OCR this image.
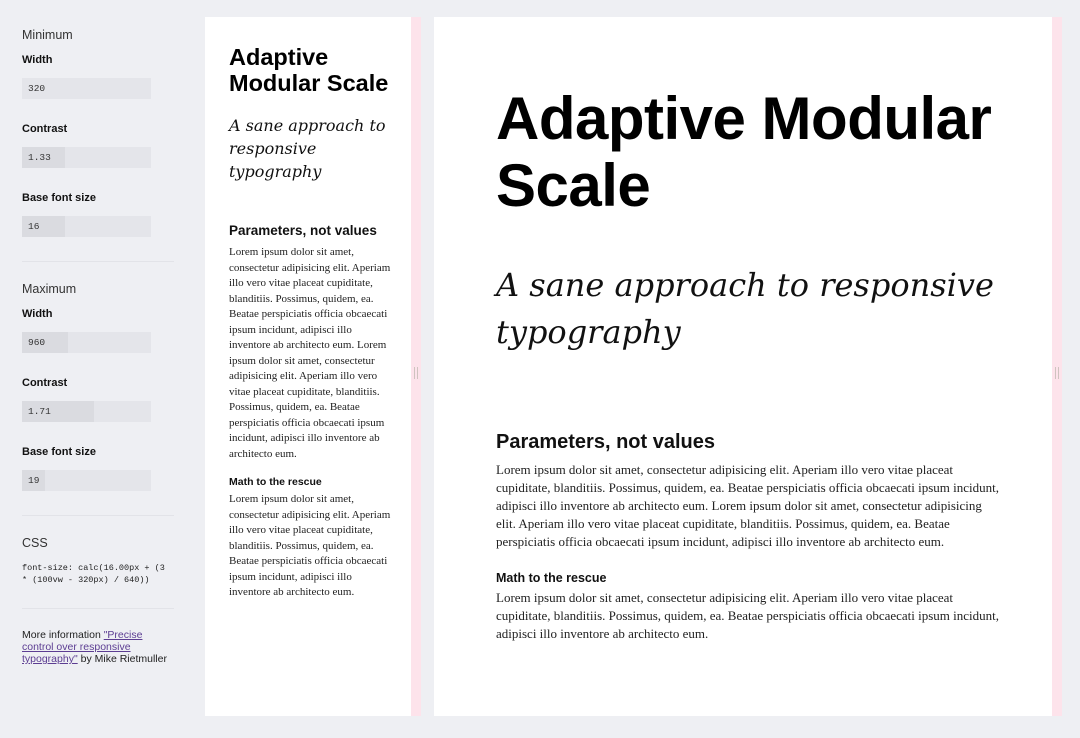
Minimum
Width
320
Contrast
1.33
Base font size
16
Maximum
Width
960
Contrast
1.71
Base font size
19
CSS
font-size: calc(16.00px + (3 * (100vw - 320px) / 640))

More information "Precise control over responsive typography" by Mike Rietmuller

Adaptive Modular Scale
A sane approach to responsive typography
Parameters, not values

Lorem ipsum dolor sit amet, consectetur adipisicing elit. Aperiam illo vero vitae placeat cupiditate, blanditiis. Possimus, quidem, ea. Beatae perspiciatis officia obcaecati ipsum incidunt, adipisci illo inventore ab architecto eum. Lorem ipsum dolor sit amet, consectetur adipisicing elit. Aperiam illo vero vitae placeat cupiditate, blanditiis. Possimus, quidem, ea. Beatae perspiciatis officia obcaecati ipsum incidunt, adipisci illo inventore ab architecto eum.

Math to the rescue

Lorem ipsum dolor sit amet, consectetur adipisicing elit. Aperiam illo vero vitae placeat cupiditate, blanditiis. Possimus, quidem, ea. Beatae perspiciatis officia obcaecati ipsum incidunt, adipisci illo inventore ab architecto eum.

Adaptive Modular Scale
A sane approach to responsive typography
Parameters, not values

Lorem ipsum dolor sit amet, consectetur adipisicing elit. Aperiam illo vero vitae placeat cupiditate, blanditiis. Possimus, quidem, ea. Beatae perspiciatis officia obcaecati ipsum incidunt, adipisci illo inventore ab architecto eum. Lorem ipsum dolor sit amet, consectetur adipisicing elit. Aperiam illo vero vitae placeat cupiditate, blanditiis. Possimus, quidem, ea. Beatae perspiciatis officia obcaecati ipsum incidunt, adipisci illo inventore ab architecto eum.

Math to the rescue

Lorem ipsum dolor sit amet, consectetur adipisicing elit. Aperiam illo vero vitae placeat cupiditate, blanditiis. Possimus, quidem, ea. Beatae perspiciatis officia obcaecati ipsum incidunt, adipisci illo inventore ab architecto eum.
